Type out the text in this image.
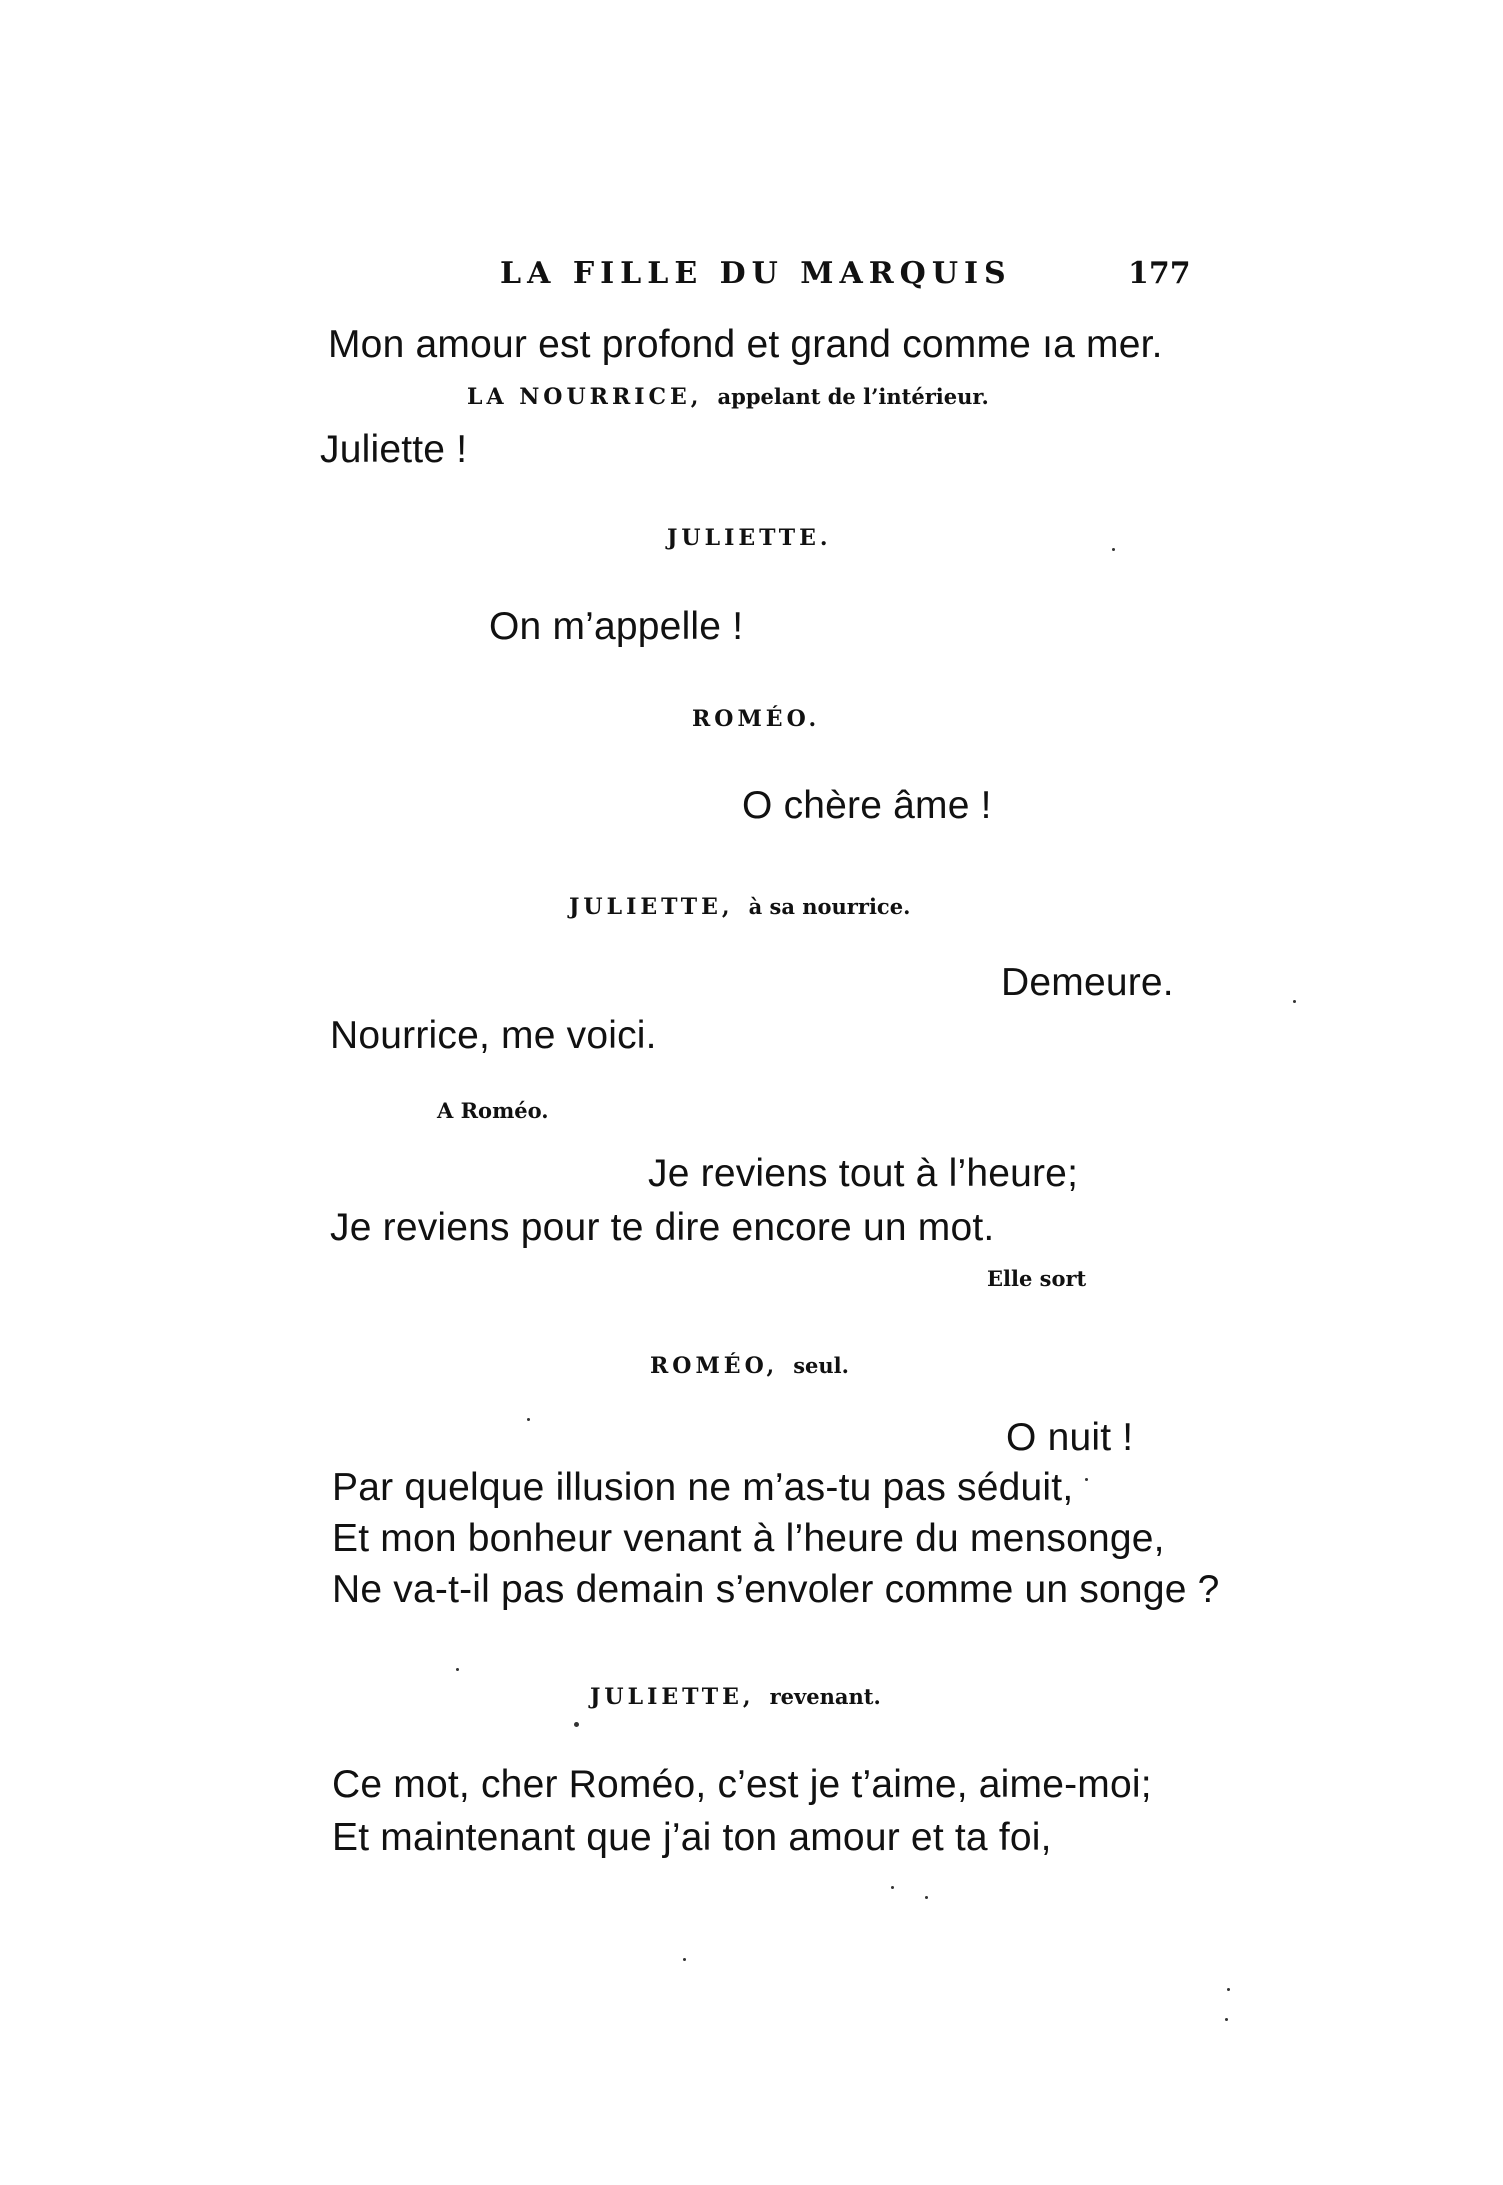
LA FILLE DU MARQUIS	177
Mon amour est profond et grand comme ıa mer.
LA NOURRICE, appelant de l’intérieur.
Juliette !
JULIETTE.
On m’appelle !
ROMÉO.
O chère âme !
JULIETTE, à sa nourrice.
Demeure.
Nourrice, me voici.
A Roméo.
Je reviens tout à l’heure;
Je reviens pour te dire encore un mot.
Elle sort
ROMÉO, seul.
O nuit !
Par quelque illusion ne m’as-tu pas séduit,
Et mon bonheur venant à l’heure du mensonge,
Ne va-t-il pas demain s’envoler comme un songe ?
JULIETTE, revenant.
Ce mot, cher Roméo, c’est je t’aime, aime-moi;
Et maintenant que j’ai ton amour et ta foi,
